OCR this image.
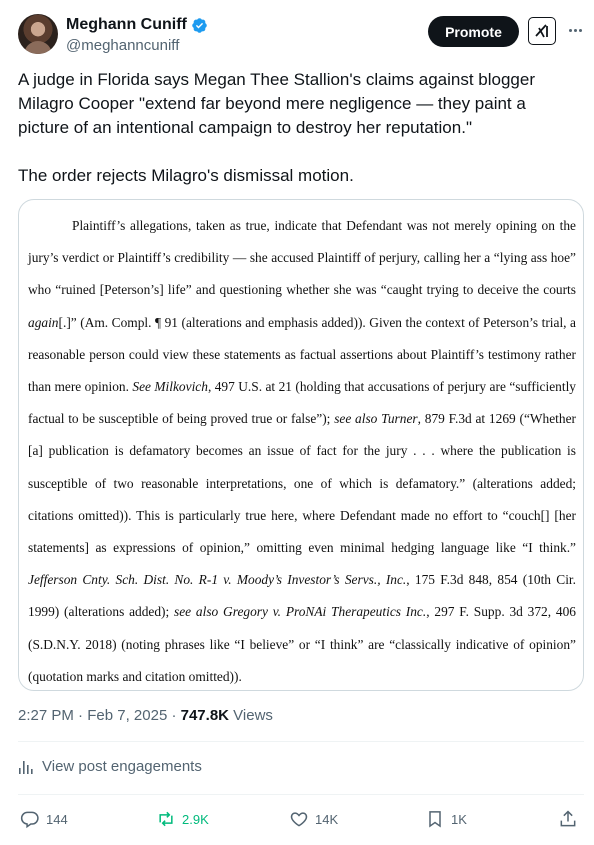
Meghann Cuniff
@meghanncuniff
Promote
A judge in Florida says Megan Thee Stallion's claims against blogger Milagro Cooper "extend far beyond mere negligence — they paint a picture of an intentional campaign to destroy her reputation."

The order rejects Milagro's dismissal motion.
Plaintiff’s allegations, taken as true, indicate that Defendant was not merely opining on the jury’s verdict or Plaintiff’s credibility — she accused Plaintiff of perjury, calling her a “lying ass hoe” who “ruined [Peterson’s] life” and questioning whether she was “caught trying to deceive the courts again[.]” (Am. Compl. ¶ 91 (alterations and emphasis added)). Given the context of Peterson’s trial, a reasonable person could view these statements as factual assertions about Plaintiff’s testimony rather than mere opinion. See Milkovich, 497 U.S. at 21 (holding that accusations of perjury are “sufficiently factual to be susceptible of being proved true or false”); see also Turner, 879 F.3d at 1269 (“Whether [a] publication is defamatory becomes an issue of fact for the jury . . . where the publication is susceptible of two reasonable interpretations, one of which is defamatory.” (alterations added; citations omitted)). This is particularly true here, where Defendant made no effort to “couch[] [her statements] as expressions of opinion,” omitting even minimal hedging language like “I think.” Jefferson Cnty. Sch. Dist. No. R-1 v. Moody’s Investor’s Servs., Inc., 175 F.3d 848, 854 (10th Cir. 1999) (alterations added); see also Gregory v. ProNAi Therapeutics Inc., 297 F. Supp. 3d 372, 406 (S.D.N.Y. 2018) (noting phrases like “I believe” or “I think” are “classically indicative of opinion” (quotation marks and citation omitted)).
2:27 PM · Feb 7, 2025 · 747.8K Views
View post engagements
144	2.9K	14K	1K
